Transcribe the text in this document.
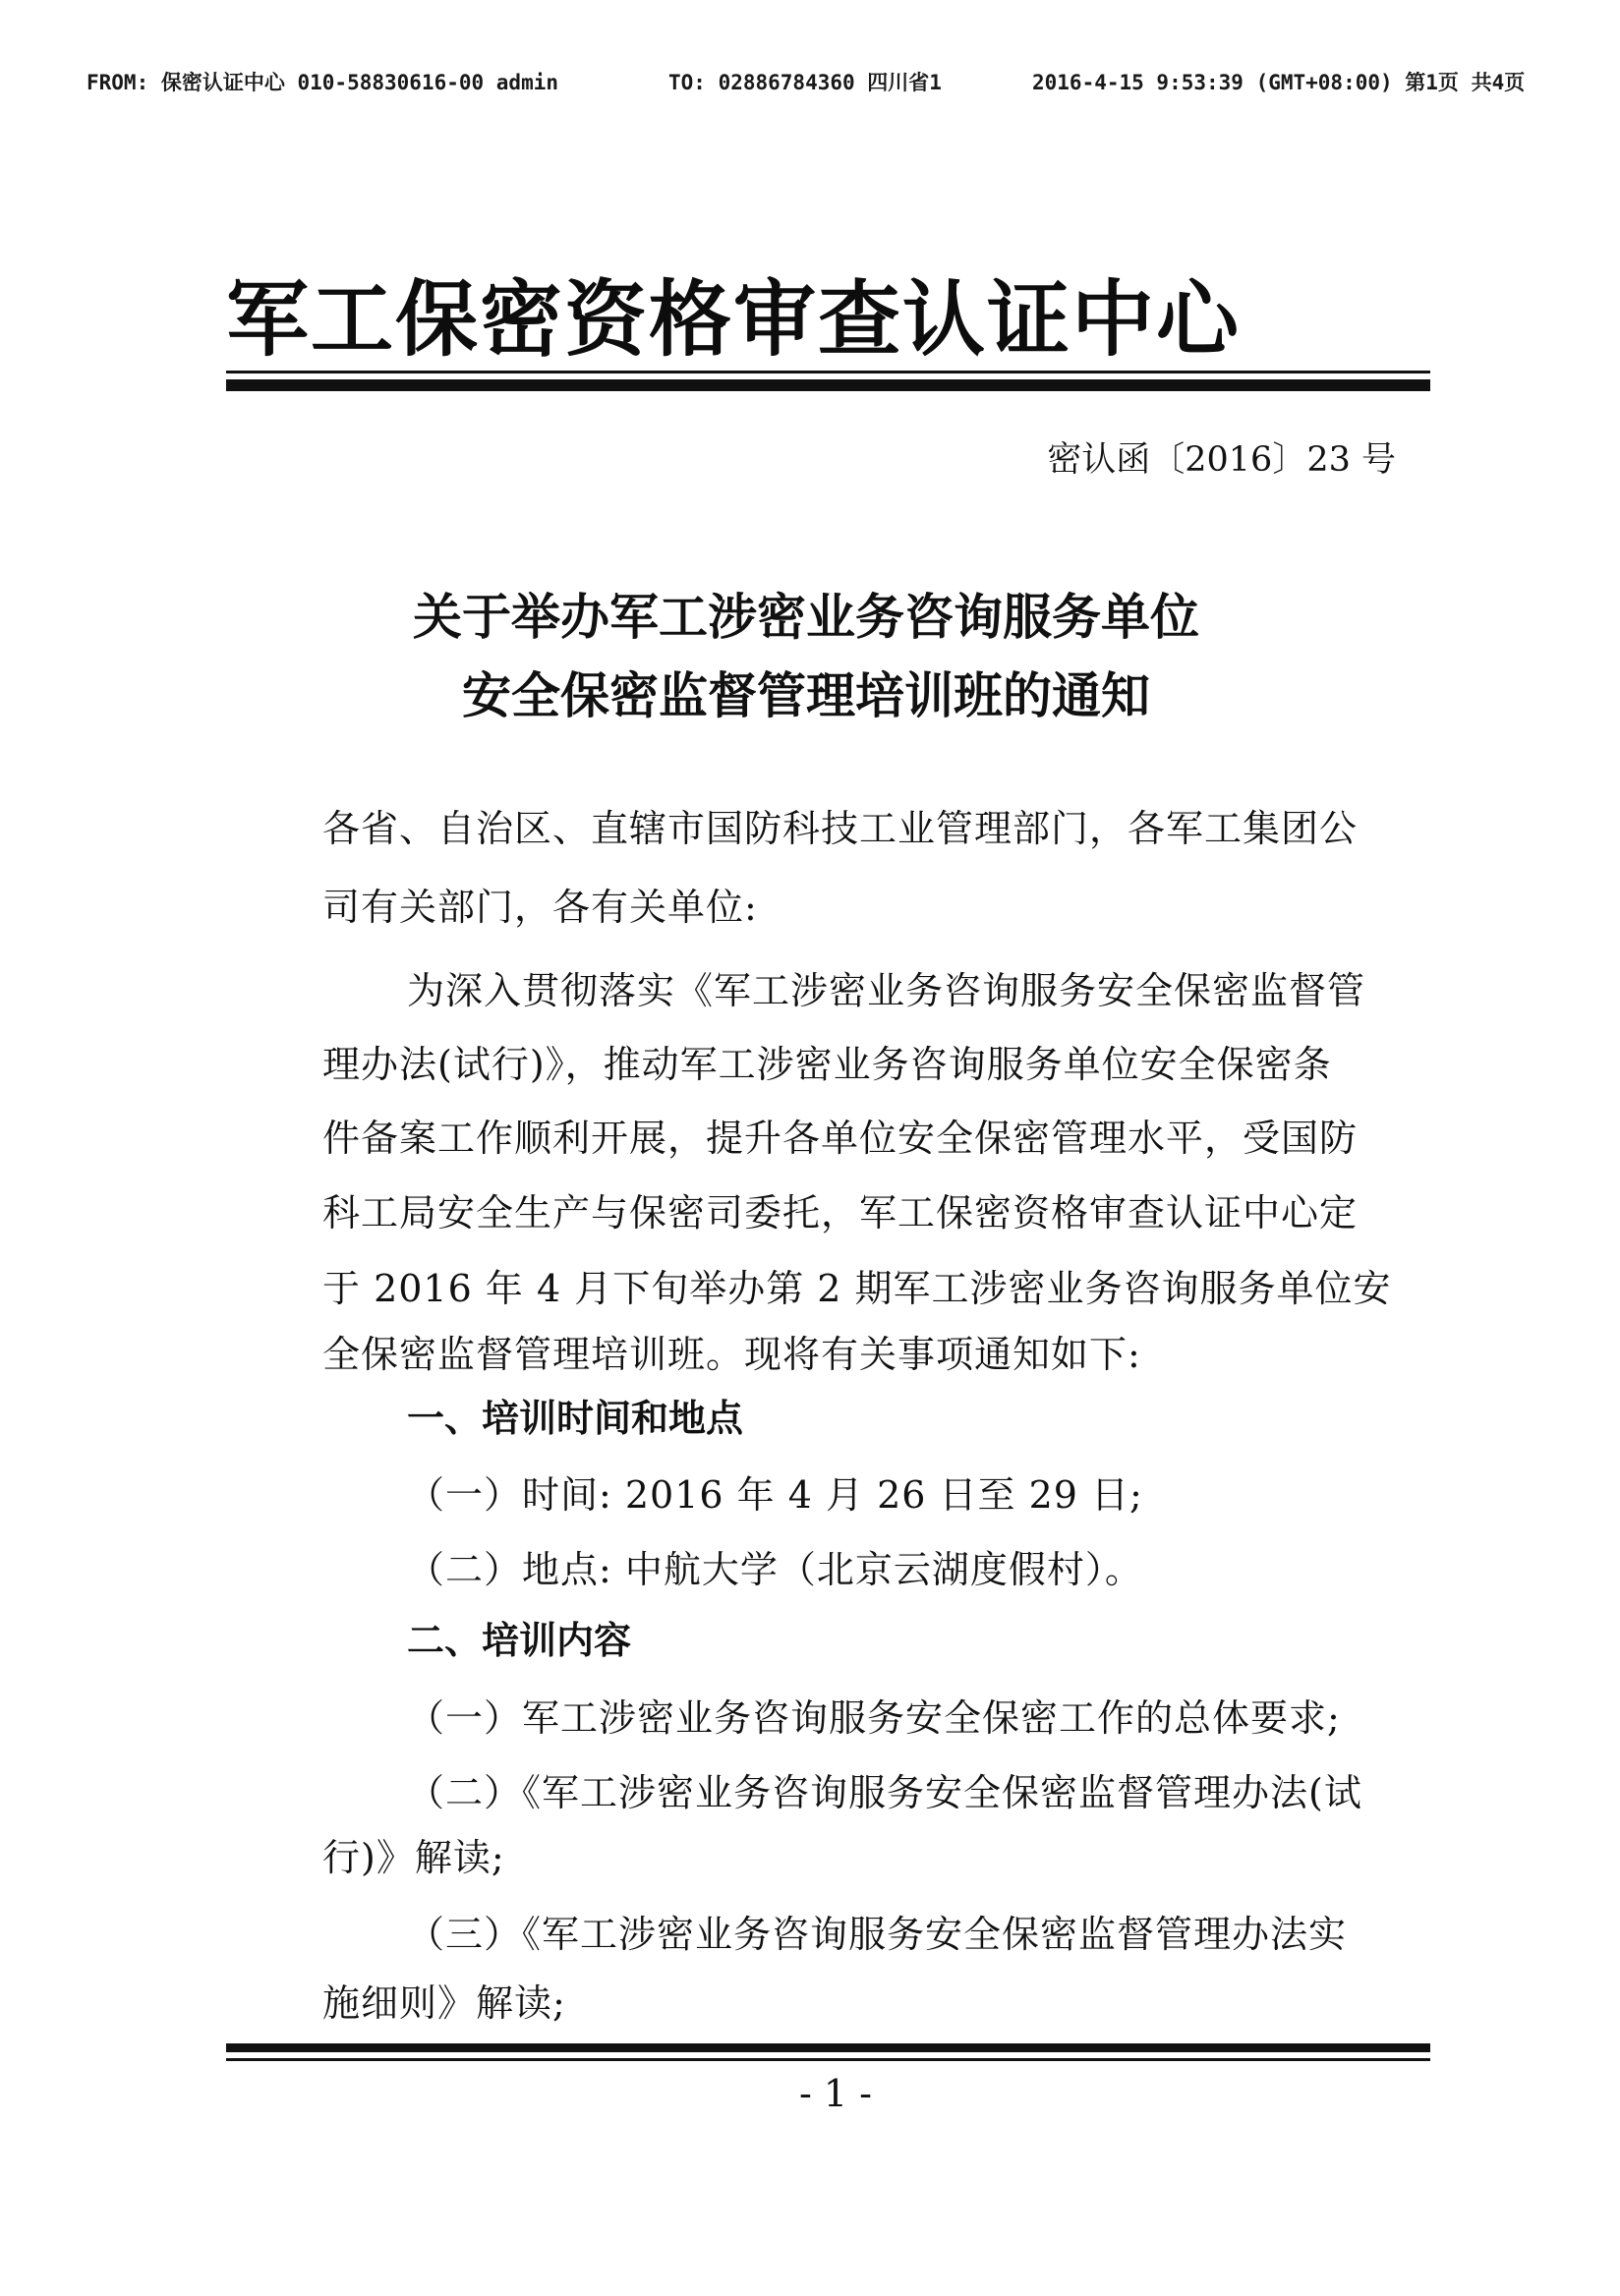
FROM: 保密认证中心 010-58830616-00 admin	TO: 02886784360 四川省1	2016-4-15 9:53:39 (GMT+08:00) 第1页 共4页
军工保密资格审查认证中心
密认函〔2016〕23 号
关于举办军工涉密业务咨询服务单位
安全保密监督管理培训班的通知
各省、自治区、直辖市国防科技工业管理部门，各军工集团公
司有关部门，各有关单位:
为深入贯彻落实《军工涉密业务咨询服务安全保密监督管
理办法(试行)》，推动军工涉密业务咨询服务单位安全保密条
件备案工作顺利开展，提升各单位安全保密管理水平，受国防
科工局安全生产与保密司委托，军工保密资格审查认证中心定
于 2016 年 4 月下旬举办第 2 期军工涉密业务咨询服务单位安
全保密监督管理培训班。现将有关事项通知如下:
一、培训时间和地点
（一）时间: 2016 年 4 月 26 日至 29 日;
（二）地点: 中航大学（北京云湖度假村）。
二、培训内容
（一）军工涉密业务咨询服务安全保密工作的总体要求;
（二）《军工涉密业务咨询服务安全保密监督管理办法(试
行)》解读;
（三）《军工涉密业务咨询服务安全保密监督管理办法实
施细则》解读;
- 1 -
